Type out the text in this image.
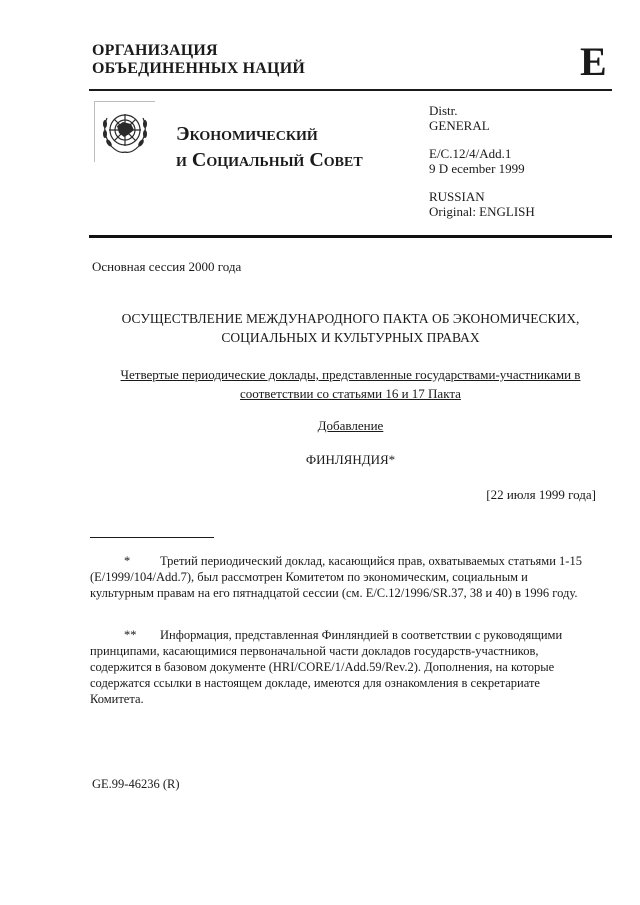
ОРГАНИЗАЦИЯ
ОБЪЕДИНЕННЫХ НАЦИЙ	E
Экономический
и Социальный Совет
Distr.
GENERAL
E/C.12/4/Add.1
9 D ecember 1999
RUSSIAN
Original: ENGLISH
Основная сессия 2000 года
ОСУЩЕСТВЛЕНИЕ МЕЖДУНАРОДНОГО ПАКТА ОБ ЭКОНОМИЧЕСКИХ,
СОЦИАЛЬНЫХ И КУЛЬТУРНЫХ ПРАВАХ
Четвертые периодические доклады, представленные государствами-участниками в
соответствии со статьями 16 и 17 Пакта
Добавление
ФИНЛЯНДИЯ*
[22 июля 1999 года]
* Третий периодический доклад, касающийся прав, охватываемых статьями 1-15 (E/1999/104/Add.7), был рассмотрен Комитетом по экономическим, социальным и культурным правам на его пятнадцатой сессии (см. E/C.12/1996/SR.37, 38 и 40) в 1996 году.
** Информация, представленная Финляндией в соответствии с руководящими принципами, касающимися первоначальной части докладов государств-участников, содержится в базовом документе (HRI/CORE/1/Add.59/Rev.2). Дополнения, на которые содержатся ссылки в настоящем докладе, имеются для ознакомления в секретариате Комитета.
GE.99-46236 (R)
